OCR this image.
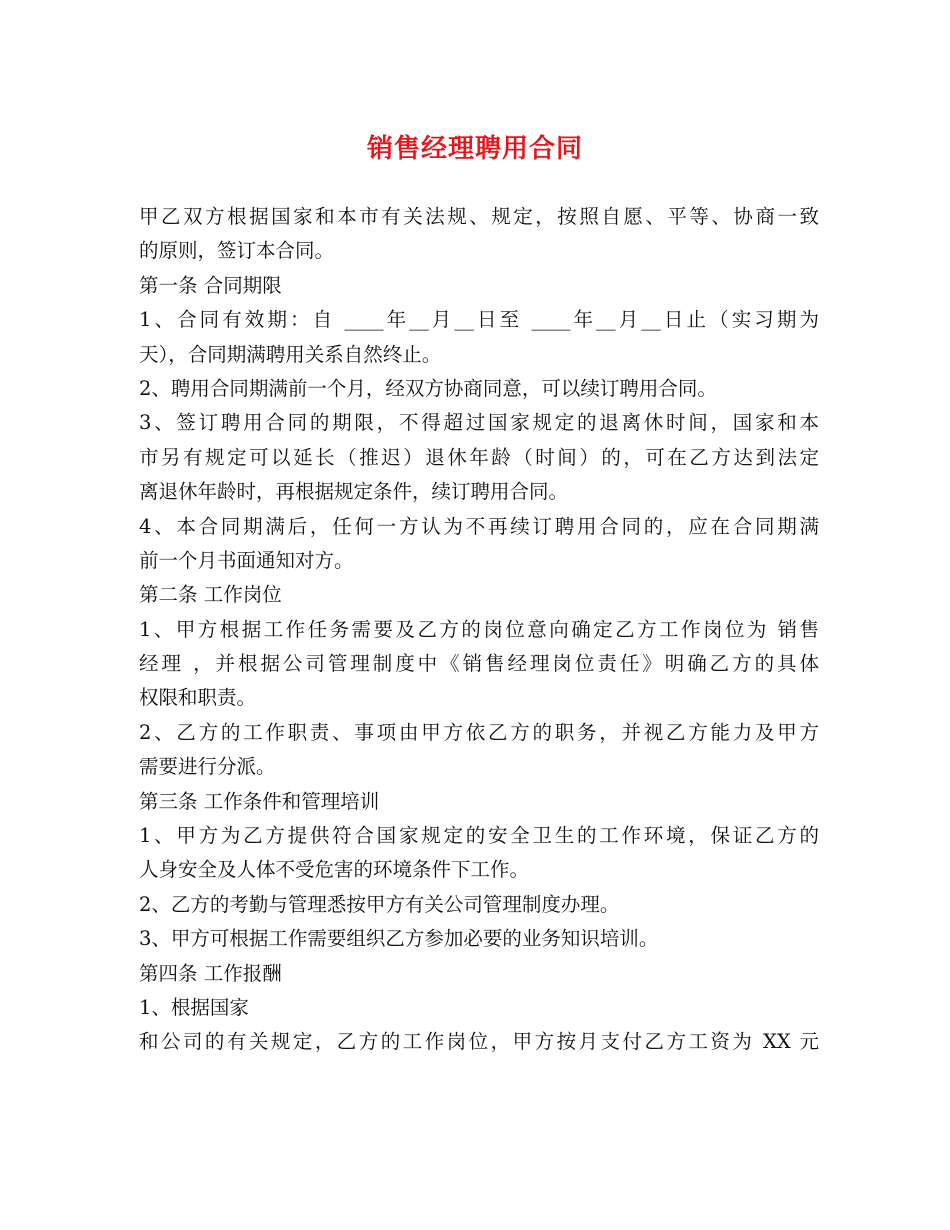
销售经理聘用合同
甲乙双方根据国家和本市有关法规、规定，按照自愿、平等、协商一致
的原则，签订本合同。
第一条 合同期限
1、合同有效期：自 ____年__月__日至 ____年__月__日止（实习期为
天），合同期满聘用关系自然终止。
2、聘用合同期满前一个月，经双方协商同意，可以续订聘用合同。
3、签订聘用合同的期限，不得超过国家规定的退离休时间，国家和本
市另有规定可以延长（推迟）退休年龄（时间）的，可在乙方达到法定
离退休年龄时，再根据规定条件，续订聘用合同。
4、本合同期满后，任何一方认为不再续订聘用合同的，应在合同期满
前一个月书面通知对方。
第二条 工作岗位
1、甲方根据工作任务需要及乙方的岗位意向确定乙方工作岗位为 销售
经理 ，并根据公司管理制度中《销售经理岗位责任》明确乙方的具体
权限和职责。
2、乙方的工作职责、事项由甲方依乙方的职务，并视乙方能力及甲方
需要进行分派。
第三条 工作条件和管理培训
1、甲方为乙方提供符合国家规定的安全卫生的工作环境，保证乙方的
人身安全及人体不受危害的环境条件下工作。
2、乙方的考勤与管理悉按甲方有关公司管理制度办理。
3、甲方可根据工作需要组织乙方参加必要的业务知识培训。
第四条 工作报酬
1、根据国家
和公司的有关规定，乙方的工作岗位，甲方按月支付乙方工资为 XX 元
